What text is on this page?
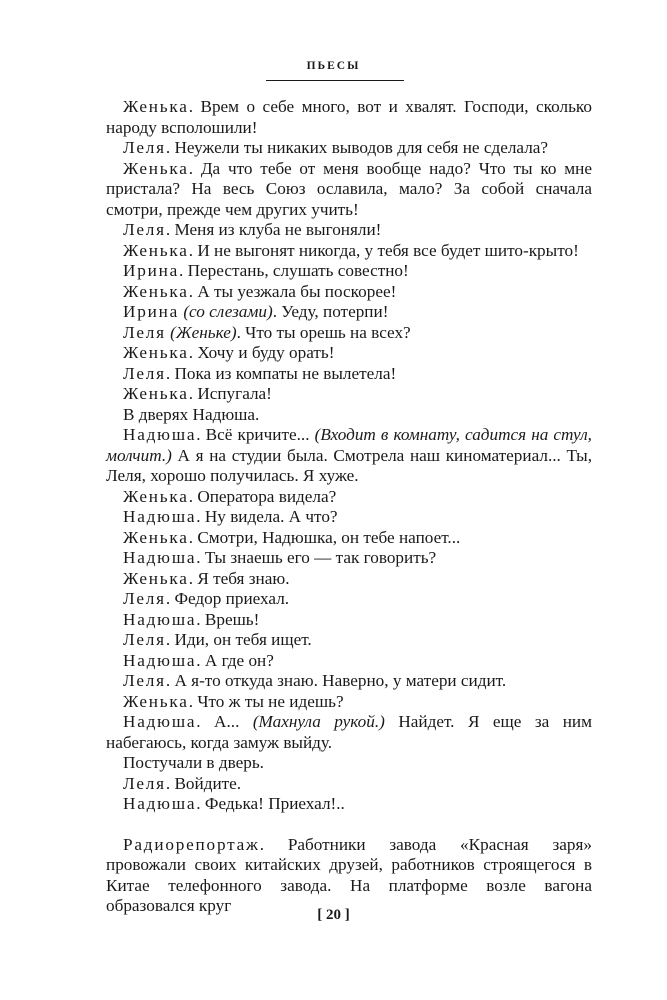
ПЬЕСЫ

Женька. Врем о себе много, вот и хвалят. Господи, сколько народу всполошили!

Леля. Неужели ты никаких выводов для себя не сделала?

Женька. Да что тебе от меня вообще надо? Что ты ко мне пристала? На весь Союз ославила, мало? За собой сначала смотри, прежде чем других учить!

Леля. Меня из клуба не выгоняли!

Женька. И не выгонят никогда, у тебя все будет шито-крыто!

Ирина. Перестань, слушать совестно!

Женька. А ты уезжала бы поскорее!

Ирина (со слезами). Уеду, потерпи!

Леля (Женьке). Что ты орешь на всех?

Женька. Хочу и буду орать!

Леля. Пока из компаты не вылетела!

Женька. Испугала!

В дверях Надюша.

Надюша. Всё кричите... (Входит в комнату, садится на стул, молчит.) А я на студии была. Смотрела наш киноматериал... Ты, Леля, хорошо получилась. Я хуже.

Женька. Оператора видела?

Надюша. Ну видела. А что?

Женька. Смотри, Надюшка, он тебе напоет...

Надюша. Ты знаешь его — так говорить?

Женька. Я тебя знаю.

Леля. Федор приехал.

Надюша. Врешь!

Леля. Иди, он тебя ищет.

Надюша. А где он?

Леля. А я-то откуда знаю. Наверно, у матери сидит.

Женька. Что ж ты не идешь?

Надюша. А... (Махнула рукой.) Найдет. Я еще за ним набегаюсь, когда замуж выйду.

Постучали в дверь.

Леля. Войдите.

Надюша. Федька! Приехал!..

Радиорепортаж. Работники завода «Красная заря» провожали своих китайских друзей, работников строящегося в Китае телефонного завода. На платформе возле вагона образовался круг	[ 20 ]
